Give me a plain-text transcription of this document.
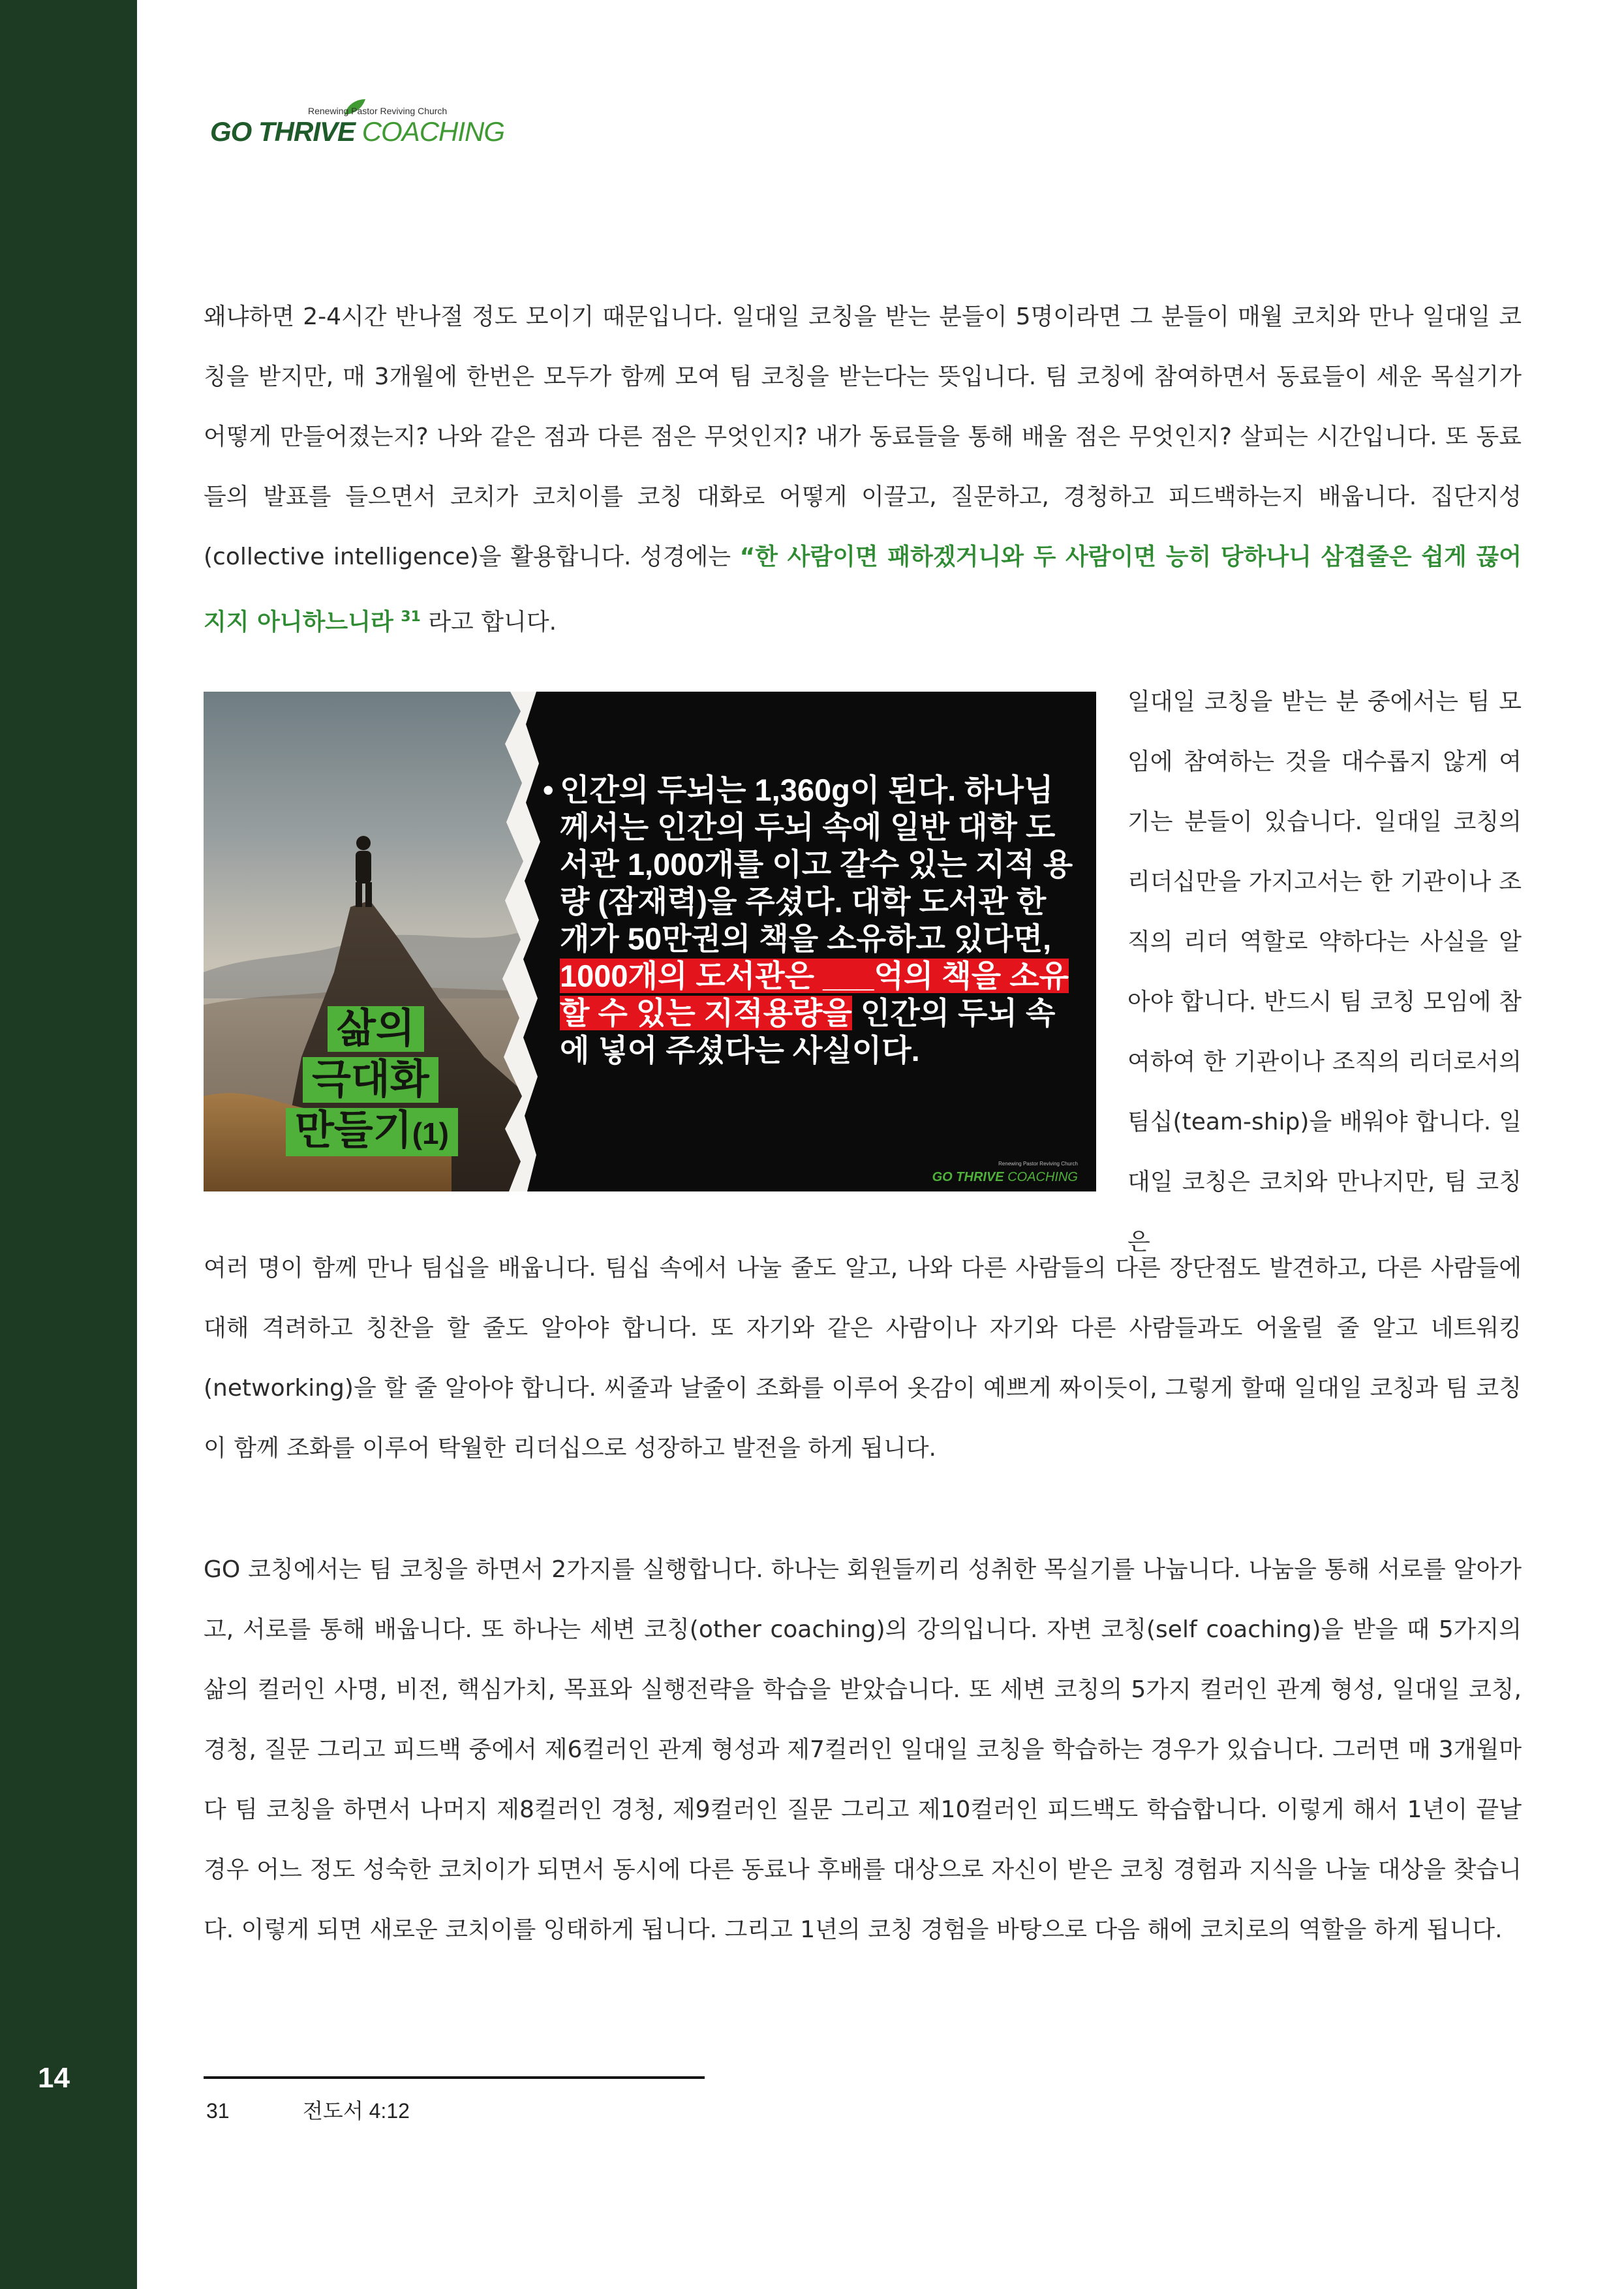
14
Renewing Pastor Reviving Church
GO THRIVE COACHING
왜냐하면 2-4시간 반나절 정도 모이기 때문입니다. 일대일 코칭을 받는 분들이 5명이라면 그 분들이 매월 코치와 만나 일대일 코칭을 받지만, 매 3개월에 한번은 모두가 함께 모여 팀 코칭을 받는다는 뜻입니다. 팀 코칭에 참여하면서 동료들이 세운 목실기가 어떻게 만들어졌는지? 나와 같은 점과 다른 점은 무엇인지? 내가 동료들을 통해 배울 점은 무엇인지? 살피는 시간입니다. 또 동료들의 발표를 들으면서 코치가 코치이를 코칭 대화로 어떻게 이끌고, 질문하고, 경청하고 피드백하는지 배웁니다. 집단지성(collective intelligence)을 활용합니다. 성경에는 “한 사람이면 패하겠거니와 두 사람이면 능히 당하나니 삼겹줄은 쉽게 끊어지지 아니하느니라 $^{31}$ 라고 합니다.
삶의
극대화
만들기(1)
• 인간의 두뇌는 1,360g이 된다. 하나님께서는 인간의 두뇌 속에 일반 대학 도서관 1,000개를 이고 갈수 있는 지적 용량 (잠재력)을 주셨다. 대학 도서관 한 개가 50만권의 책을 소유하고 있다면, 1000개의 도서관은 ___억의 책을 소유할 수 있는 지적용량을 인간의 두뇌 속에 넣어 주셨다는 사실이다.
Renewing Pastor Reviving Church
GO THRIVE COACHING
일대일 코칭을 받는 분 중에서는 팀 모임에 참여하는 것을 대수롭지 않게 여기는 분들이 있습니다. 일대일 코칭의 리더십만을 가지고서는 한 기관이나 조직의 리더 역할로 약하다는 사실을 알아야 합니다. 반드시 팀 코칭 모임에 참여하여 한 기관이나 조직의 리더로서의 팀십(team-ship)을 배워야 합니다. 일대일 코칭은 코치와 만나지만, 팀 코칭은
여러 명이 함께 만나 팀십을 배웁니다. 팀십 속에서 나눌 줄도 알고, 나와 다른 사람들의 다른 장단점도 발견하고, 다른 사람들에 대해 격려하고 칭찬을 할 줄도 알아야 합니다. 또 자기와 같은 사람이나 자기와 다른 사람들과도 어울릴 줄 알고 네트워킹(networking)을 할 줄 알아야 합니다. 씨줄과 날줄이 조화를 이루어 옷감이 예쁘게 짜이듯이, 그렇게 할때 일대일 코칭과 팀 코칭이 함께 조화를 이루어 탁월한 리더십으로 성장하고 발전을 하게 됩니다.
GO 코칭에서는 팀 코칭을 하면서 2가지를 실행합니다. 하나는 회원들끼리 성취한 목실기를 나눕니다. 나눔을 통해 서로를 알아가고, 서로를 통해 배웁니다. 또 하나는 세변 코칭(other coaching)의 강의입니다. 자변 코칭(self coaching)을 받을 때 5가지의 삶의 컬러인 사명, 비전, 핵심가치, 목표와 실행전략을 학습을 받았습니다. 또 세변 코칭의 5가지 컬러인 관계 형성, 일대일 코칭, 경청, 질문 그리고 피드백 중에서 제6컬러인 관계 형성과 제7컬러인 일대일 코칭을 학습하는 경우가 있습니다. 그러면 매 3개월마다 팀 코칭을 하면서 나머지 제8컬러인 경청, 제9컬러인 질문 그리고 제10컬러인 피드백도 학습합니다. 이렇게 해서 1년이 끝날 경우 어느 정도 성숙한 코치이가 되면서 동시에 다른 동료나 후배를 대상으로 자신이 받은 코칭 경험과 지식을 나눌 대상을 찾습니다. 이렇게 되면 새로운 코치이를 잉태하게 됩니다. 그리고 1년의 코칭 경험을 바탕으로 다음 해에 코치로의 역할을 하게 됩니다.
31	전도서 4:12
